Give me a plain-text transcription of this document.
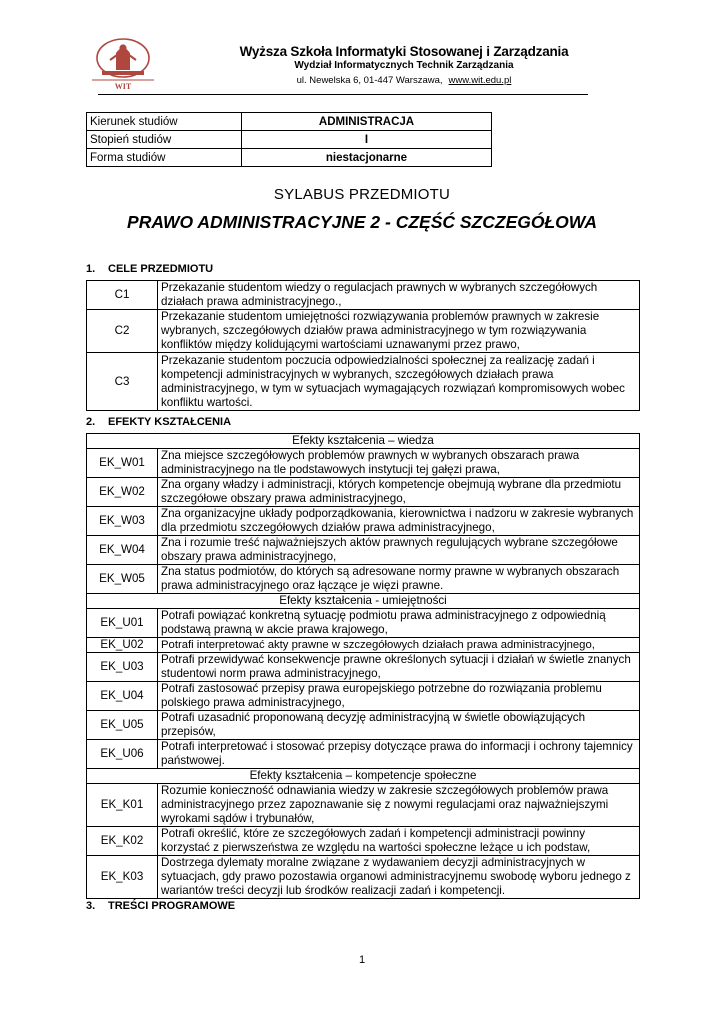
WIT
Wyższa Szkoła Informatyki Stosowanej i Zarządzania
Wydział Informatycznych Technik Zarządzania
ul. Newelska 6, 01-447 Warszawa, www.wit.edu.pl
Kierunek studiów	ADMINISTRACJA
Stopień studiów	I
Forma studiów	niestacjonarne
SYLABUS PRZEDMIOTU
PRAWO ADMINISTRACYJNE 2 - CZĘŚĆ SZCZEGÓŁOWA
1. CELE PRZEDMIOTU
C1	Przekazanie studentom wiedzy o regulacjach prawnych w wybranych szczegółowych działach prawa administracyjnego.,
C2	Przekazanie studentom umiejętności rozwiązywania problemów prawnych w zakresie wybranych, szczegółowych działów prawa administracyjnego w tym rozwiązywania konfliktów między kolidującymi wartościami uznawanymi przez prawo,
C3	Przekazanie studentom poczucia odpowiedzialności społecznej za realizację zadań i kompetencji administracyjnych w wybranych, szczegółowych działach prawa administracyjnego, w tym w sytuacjach wymagających rozwiązań kompromisowych wobec konfliktu wartości.
2. EFEKTY KSZTAŁCENIA
Efekty kształcenia – wiedza	
EK_W01	Zna miejsce szczegółowych problemów prawnych w wybranych obszarach prawa administracyjnego na tle podstawowych instytucji tej gałęzi prawa,
EK_W02	Zna organy władzy i administracji, których kompetencje obejmują wybrane dla przedmiotu szczegółowe obszary prawa administracyjnego,
EK_W03	Zna organizacyjne układy podporządkowania, kierownictwa i nadzoru w zakresie wybranych dla przedmiotu szczegółowych działów prawa administracyjnego,
EK_W04	Zna i rozumie treść najważniejszych aktów prawnych regulujących wybrane szczegółowe obszary prawa administracyjnego,
EK_W05	Zna status podmiotów, do których są adresowane normy prawne w wybranych obszarach prawa administracyjnego oraz łączące je więzi prawne.
Efekty kształcenia - umiejętności	
EK_U01	Potrafi powiązać konkretną sytuację podmiotu prawa administracyjnego z odpowiednią podstawą prawną w akcie prawa krajowego,
EK_U02	Potrafi interpretować akty prawne w szczegółowych działach prawa administracyjnego,
EK_U03	Potrafi przewidywać konsekwencje prawne określonych sytuacji i działań w świetle znanych studentowi norm prawa administracyjnego,
EK_U04	Potrafi zastosować przepisy prawa europejskiego potrzebne do rozwiązania problemu polskiego prawa administracyjnego,
EK_U05	Potrafi uzasadnić proponowaną decyzję administracyjną w świetle obowiązujących przepisów,
EK_U06	Potrafi interpretować i stosować przepisy dotyczące prawa do informacji i ochrony tajemnicy państwowej.
Efekty kształcenia – kompetencje społeczne	
EK_K01	Rozumie konieczność odnawiania wiedzy w zakresie szczegółowych problemów prawa administracyjnego przez zapoznawanie się z nowymi regulacjami oraz najważniejszymi wyrokami sądów i trybunałów,
EK_K02	Potrafi określić, które ze szczegółowych zadań i kompetencji administracji powinny korzystać z pierwszeństwa ze względu na wartości społeczne leżące u ich podstaw,
EK_K03	Dostrzega dylematy moralne związane z wydawaniem decyzji administracyjnych w sytuacjach, gdy prawo pozostawia organowi administracyjnemu swobodę wyboru jednego z wariantów treści decyzji lub środków realizacji zadań i kompetencji.
3. TREŚCI PROGRAMOWE
1
